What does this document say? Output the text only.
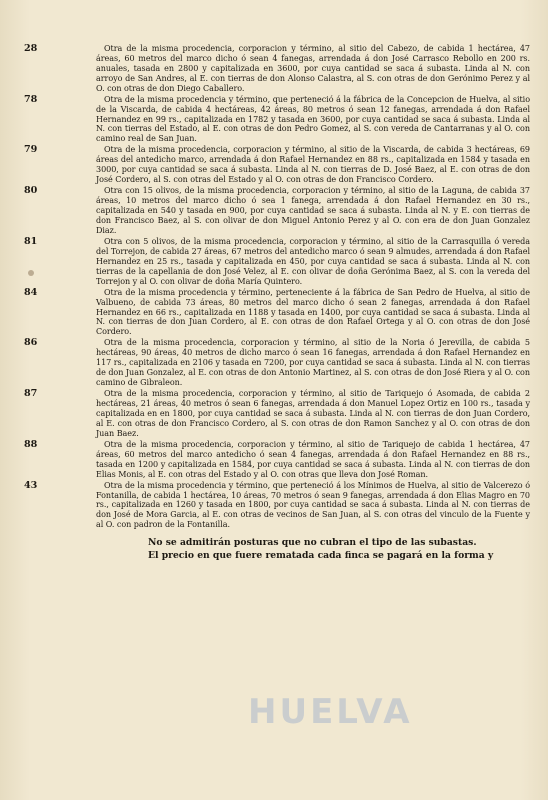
28	Otra de la misma procedencia, corporacion y término, al sitio del Cabezo, de cabida 1 hectárea, 47 áreas, 60 metros del marco dicho ó sean 4 fanegas, arrendada á don José Carrasco Rebollo en 200 rs. anuales, tasada en 2800 y capitalizada en 3600, por cuya cantidad se saca á subasta. Linda al N. con arroyo de San Andres, al E. con tierras de don Alonso Calastra, al S. con otras de don Gerónimo Perez y al O. con otras de don Diego Caballero.
78	Otra de la misma procedencia y término, que perteneció á la fábrica de la Concepcion de Huelva, al sitio de la Viscarda, de cabida 4 hectáreas, 42 áreas, 80 metros ó sean 12 fanegas, arrendada á don Rafael Hernandez en 99 rs., capitalizada en 1782 y tasada en 3600, por cuya cantidad se saca á subasta. Linda al N. con tierras del Estado, al E. con otras de don Pedro Gomez, al S. con vereda de Cantarranas y al O. con camino real de San Juan.
79	Otra de la misma procedencia, corporacion y término, al sitio de la Viscarda, de cabida 3 hectáreas, 69 áreas del antedicho marco, arrendada á don Rafael Hernandez en 88 rs., capitalizada en 1584 y tasada en 3000, por cuya cantidad se saca á subasta. Linda al N. con tierras de D. José Baez, al E. con otras de don José Cordero, al S. con otras del Estado y al O. con otras de don Francisco Cordero.
80	Otra con 15 olivos, de la misma procedencia, corporacion y término, al sitio de la Laguna, de cabida 37 áreas, 10 metros del marco dicho ó sea 1 fanega, arrendada á don Rafael Hernandez en 30 rs., capitalizada en 540 y tasada en 900, por cuya cantidad se saca á subasta. Linda al N. y E. con tierras de don Francisco Baez, al S. con olivar de don Miguel Antonio Perez y al O. con era de don Juan Gonzalez Diaz.
81	Otra con 5 olivos, de la misma procedencia, corporacion y término, al sitio de la Carrasquilla ó vereda del Torrejon, de cabida 27 áreas, 67 metros del antedicho marco ó sean 9 almudes, arrendada á don Rafael Hernandez en 25 rs., tasada y capitalizada en 450, por cuya cantidad se saca á subasta. Linda al N. con tierras de la capellania de don José Velez, al E. con olivar de doña Gerónima Baez, al S. con la vereda del Torrejon y al O. con olivar de doña María Quintero.
84	Otra de la misma procedencia y término, perteneciente á la fábrica de San Pedro de Huelva, al sitio de Valbueno, de cabida 73 áreas, 80 metros del marco dicho ó sean 2 fanegas, arrendada á don Rafael Hernandez en 66 rs., capitalizada en 1188 y tasada en 1400, por cuya cantidad se saca á subasta. Linda al N. con tierras de don Juan Cordero, al E. con otras de don Rafael Ortega y al O. con otras de don José Cordero.
86	Otra de la misma procedencia, corporacion y término, al sitio de la Noria ó Jerevilla, de cabida 5 hectáreas, 90 áreas, 40 metros de dicho marco ó sean 16 fanegas, arrendada á don Rafael Hernandez en 117 rs., capitalizada en 2106 y tasada en 7200, por cuya cantidad se saca á subasta. Linda al N. con tierras de don Juan Gonzalez, al E. con otras de don Antonio Martinez, al S. con otras de don José Riera y al O. con camino de Gibraleon.
87	Otra de la misma procedencia, corporacion y término, al sitio de Tariquejo ó Asomada, de cabida 2 hectáreas, 21 áreas, 40 metros ó sean 6 fanegas, arrendada á don Manuel Lopez Ortiz en 100 rs., tasada y capitalizada en en 1800, por cuya cantidad se saca á subasta. Linda al N. con tierras de don Juan Cordero, al E. con otras de don Francisco Cordero, al S. con otras de don Ramon Sanchez y al O. con otras de don Juan Baez.
88	Otra de la misma procedencia, corporacion y término, al sitio de Tariquejo de cabida 1 hectárea, 47 áreas, 60 metros del marco antedicho ó sean 4 fanegas, arrendada á don Rafael Hernandez en 88 rs., tasada en 1200 y capitalizada en 1584, por cuya cantidad se saca á subasta. Linda al N. con tierras de don Elias Monis, al E. con otras del Estado y al O. con otras que lleva don José Roman.
43	Otra de la misma procedencia y término, que perteneció á los Mínimos de Huelva, al sitio de Valcerezo ó Fontanilla, de cabida 1 hectárea, 10 áreas, 70 metros ó sean 9 fanegas, arrendada á don Elias Magro en 70 rs., capitalizada en 1260 y tasada en 1800, por cuya cantidad se saca á subasta. Linda al N. con tierras de don José de Mora Garcia, al E. con otras de vecinos de San Juan, al S. con otras del vinculo de la Fuente y al O. con padron de la Fontanilla.

No se admitirán posturas que no cubran el tipo de las subastas.

El precio en que fuere rematada cada finca se pagará en la forma y

HUELVA
